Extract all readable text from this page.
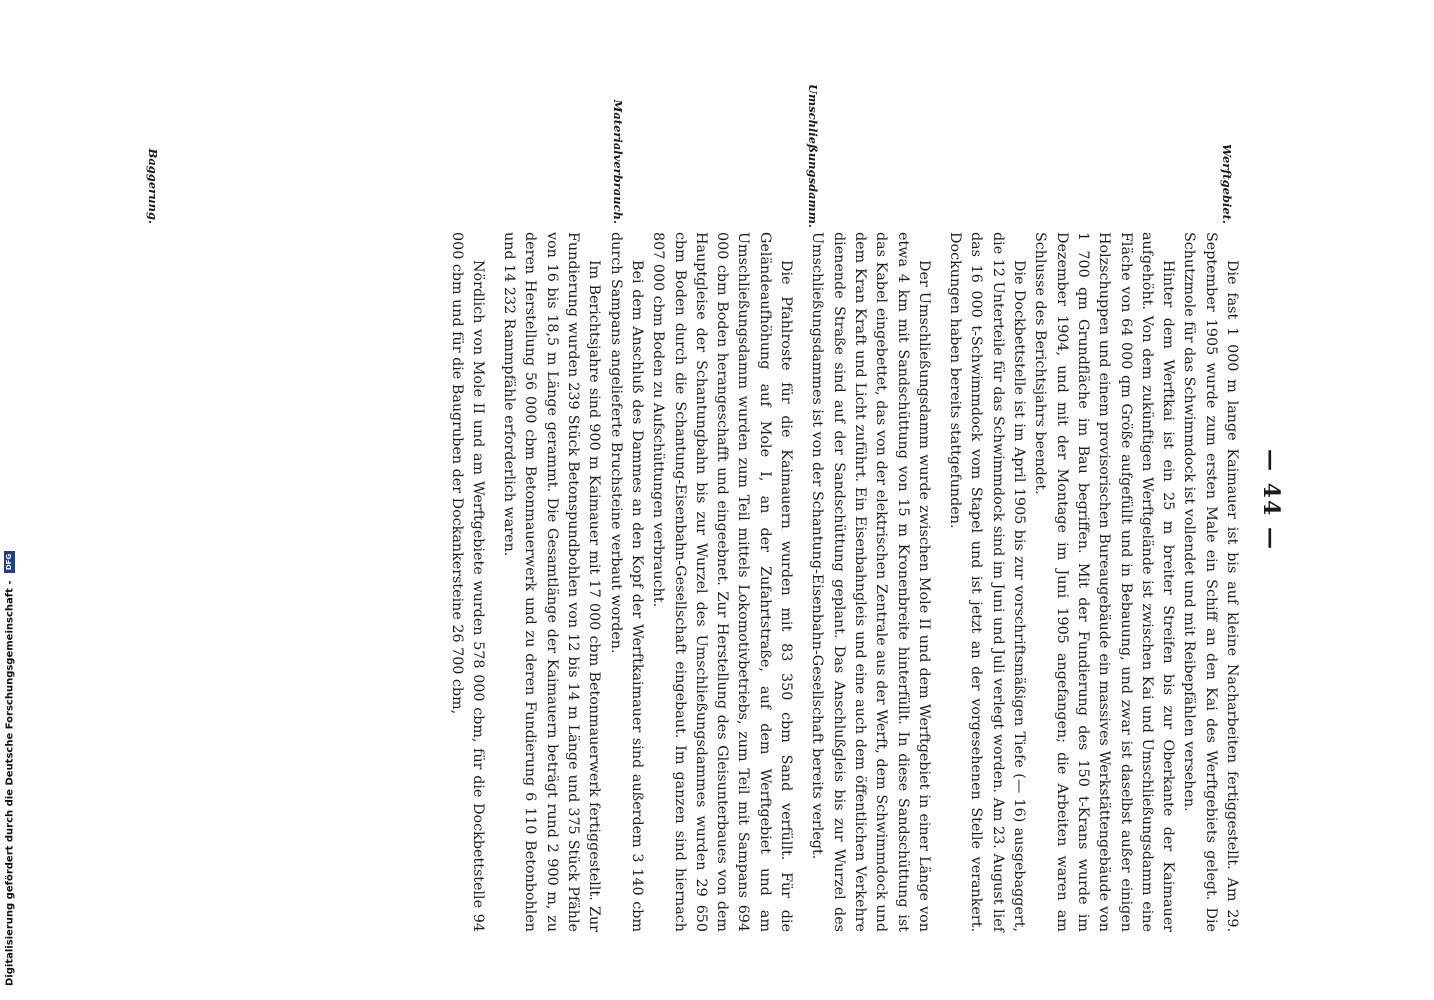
— 44 —
Werftgebiet.
Umschließungsdamm.
Materialverbrauch.
Baggerung.

Die fast 1 000 m lange Kaimauer ist bis auf kleine Nacharbeiten fertiggestellt. Am 29. September 1905 wurde zum ersten Male ein Schiff an den Kai des Werftgebiets gelegt. Die Schutzmole für das Schwimmdock ist vollendet und mit Reibepfählen versehen.

Hinter dem Werftkai ist ein 25 m breiter Streifen bis zur Oberkante der Kaimauer aufgehöht. Von dem zukünftigen Werftgelände ist zwischen Kai und Umschließungsdamm eine Fläche von 64 000 qm Größe aufgefüllt und in Bebauung, und zwar ist daselbst außer einigen Holzschuppen und einem provisorischen Bureaugebäude ein massives Werkstättengebäude von 1 700 qm Grundfläche im Bau begriffen. Mit der Fundierung des 150 t-Krans wurde im Dezember 1904, und mit der Montage im Juni 1905 angefangen; die Arbeiten waren am Schlusse des Berichtsjahrs beendet.

Die Dockbettstelle ist im April 1905 bis zur vorschriftsmäßigen Tiefe (— 16) ausgebaggert, die 12 Unterteile für das Schwimmdock sind im Juni und Juli verlegt worden. Am 23. August lief das 16 000 t-Schwimmdock vom Stapel und ist jetzt an der vorgesehenen Stelle verankert. Dockungen haben bereits stattgefunden.

Der Umschließungsdamm wurde zwischen Mole II und dem Werftgebiet in einer Länge von etwa 4 km mit Sandschüttung von 15 m Kronenbreite hinterfüllt. In diese Sandschüttung ist das Kabel eingebettet, das von der elektrischen Zentrale aus der Werft, dem Schwimmdock und dem Kran Kraft und Licht zuführt. Ein Eisenbahngleis und eine auch dem öffentlichen Verkehre dienende Straße sind auf der Sandschüttung geplant. Das Anschlußgleis bis zur Wurzel des Umschließungsdammes ist von der Schantung-Eisenbahn-Gesellschaft bereits verlegt.

Die Pfahlroste für die Kaimauern wurden mit 83 350 cbm Sand verfüllt. Für die Geländeaufhöhung auf Mole I, an der Zufahrtstraße, auf dem Werftgebiet und am Umschließungsdamm wurden zum Teil mittels Lokomotivbetriebs, zum Teil mit Sampans 694 000 cbm Boden herangeschafft und eingeebnet. Zur Herstellung des Gleisunterbaues von dem Hauptgleise der Schantungbahn bis zur Wurzel des Umschließungsdammes wurden 29 650 cbm Boden durch die Schantung-Eisenbahn-Gesellschaft eingebaut. Im ganzen sind hiernach 807 000 cbm Boden zu Aufschüttungen verbraucht.

Bei dem Anschluß des Dammes an den Kopf der Werftkaimauer sind außerdem 3 140 cbm durch Sampans angelieferte Bruchsteine verbaut worden.

Im Berichtsjahre sind 900 m Kaimauer mit 17 000 cbm Betonmauerwerk fertiggestellt. Zur Fundierung wurden 239 Stück Betonspundbohlen von 12 bis 14 m Länge und 375 Stück Pfähle von 16 bis 18,5 m Länge gerammt. Die Gesamtlänge der Kaimauern beträgt rund 2 900 m, zu deren Herstellung 56 000 cbm Betonmauerwerk und zu deren Fundierung 6 110 Betonbohlen und 14 232 Rammpfähle erforderlich waren.

Nördlich von Mole II und am Werftgebiete wurden 578 000 cbm, für die Dockbettstelle 94 000 cbm und für die Baugruben der Dockankersteine 26 700 cbm,

Digitalisierung gefördert durch die Deutsche Forschungsgemeinschaft - DFG
